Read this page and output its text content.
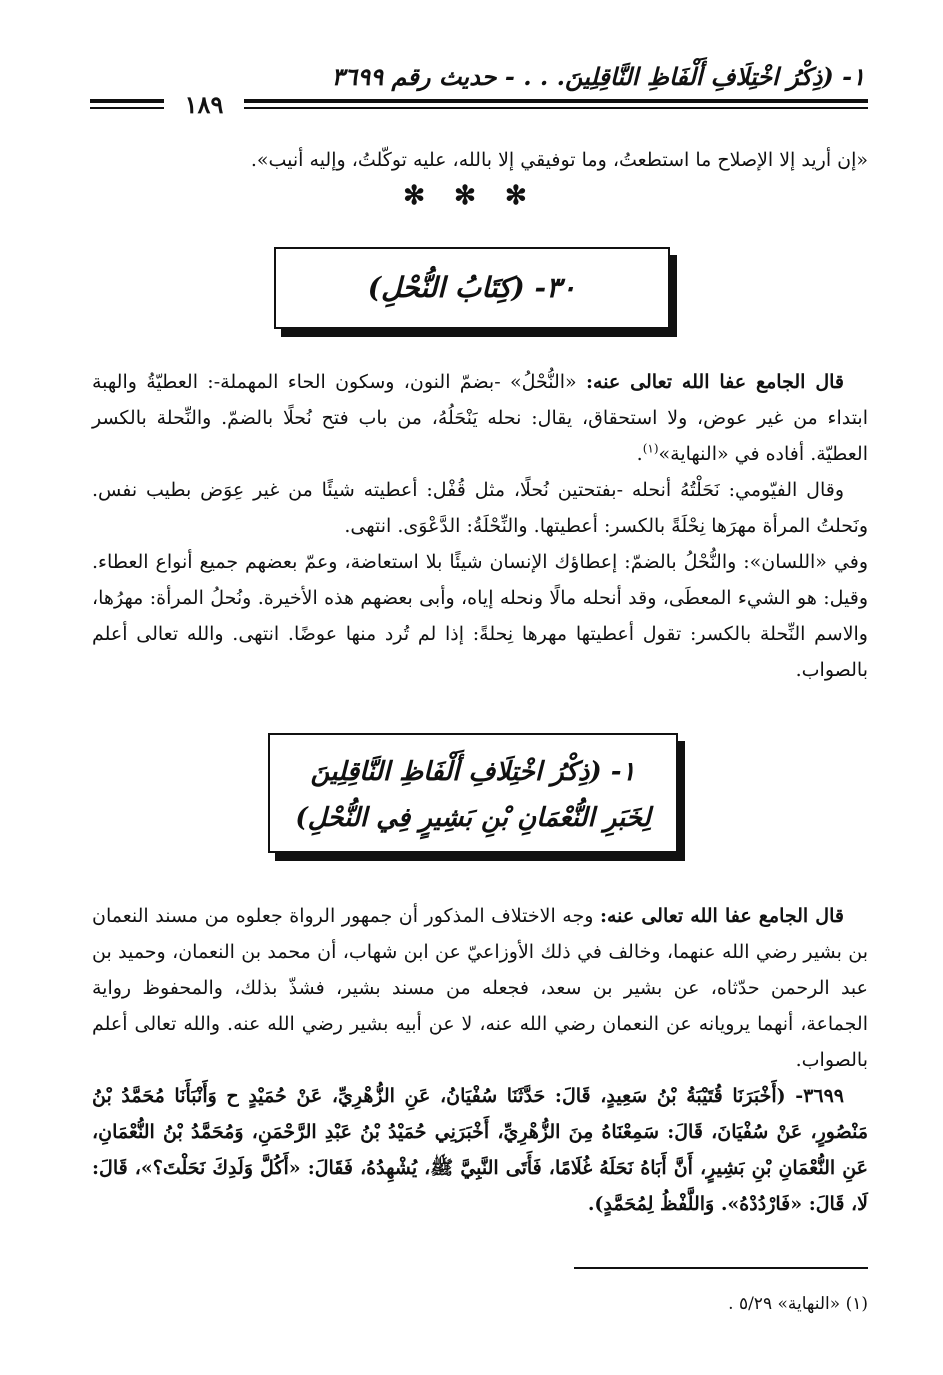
١- (ذِكْرُ اخْتِلَافِ أَلْفَاظِ النَّاقِلِينَ. . . - حديث رقم ٣٦٩٩
١٨٩

«إن أريد إلا الإصلاح ما استطعتُ، وما توفيقي إلا بالله، عليه توكّلتُ، وإليه أنيب».

✻ ✻ ✻
٣٠- (كِتَابُ النُّحْلِ)

قال الجامع عفا الله تعالى عنه: «النُّحْلُ» -بضمّ النون، وسكون الحاء المهملة-: العطيّةُ والهبة ابتداء من غير عوض، ولا استحقاق، يقال: نحله يَنْحَلُهُ، من باب فتح نُحلًا بالضمّ. والنِّحلة بالكسر العطيّة. أفاده في «النهاية»$^{(١)}$.

وقال الفيّومي: نَحَلْتُهُ أنحله -بفتحتين نُحلًا، مثل قُفْل: أعطيته شيئًا من غير عِوَض بطيب نفس. ونَحلتُ المرأة مهرَها نِحْلَةً بالكسر: أعطيتها. والنِّحْلَةُ: الدَّعْوَى. انتهى.

وفي «اللسان»: والنُّحْلُ بالضمّ: إعطاؤك الإنسان شيئًا بلا استعاضة، وعمّ بعضهم جميع أنواع العطاء. وقيل: هو الشيء المعطَى، وقد أنحله مالًا ونحله إياه، وأبى بعضهم هذه الأخيرة. ونُحلُ المرأة: مهرُها، والاسم النِّحلة بالكسر: تقول أعطيتها مهرها نِحلةً: إذا لم تُرد منها عوضًا. انتهى. والله تعالى أعلم بالصواب.

١- (ذِكْرُ اخْتِلَافِ أَلْفَاظِ النَّاقِلِينَ
لِخَبَرِ النُّعْمَانِ بْنِ بَشِيرٍ فِي النُّحْلِ)

قال الجامع عفا الله تعالى عنه: وجه الاختلاف المذكور أن جمهور الرواة جعلوه من مسند النعمان بن بشير رضي الله عنهما، وخالف في ذلك الأوزاعيّ عن ابن شهاب، أن محمد بن النعمان، وحميد بن عبد الرحمن حدّثاه، عن بشير بن سعد، فجعله من مسند بشير، فشذّ بذلك، والمحفوظ رواية الجماعة، أنهما يرويانه عن النعمان رضي الله عنه، لا عن أبيه بشير رضي الله عنه. والله تعالى أعلم بالصواب.

٣٦٩٩- (أَخْبَرَنَا قُتَيْبَةُ بْنُ سَعِيدٍ، قَالَ: حَدَّثَنَا سُفْيَانُ، عَنِ الزُّهْرِيِّ، عَنْ حُمَيْدٍ ح وَأَنْبَأَنَا مُحَمَّدُ بْنُ مَنْصُورٍ، عَنْ سُفْيَانَ، قَالَ: سَمِعْنَاهُ مِنَ الزُّهْرِيِّ، أَخْبَرَنِي حُمَيْدُ بْنُ عَبْدِ الرَّحْمَنِ، وَمُحَمَّدُ بْنُ النُّعْمَانِ، عَنِ النُّعْمَانِ بْنِ بَشِيرٍ، أَنَّ أَبَاهُ نَحَلَهُ غُلَامًا، فَأَتَى النَّبِيَّ ﷺ، يُشْهِدُهُ، فَقَالَ: «أَكُلَّ وَلَدِكَ نَحَلْتَ؟»، قَالَ: لَا، قَالَ: «فَارْدُدْهُ». وَاللَّفْظُ لِمُحَمَّدٍ).

(١) «النهاية» ٥/٢٩ .
